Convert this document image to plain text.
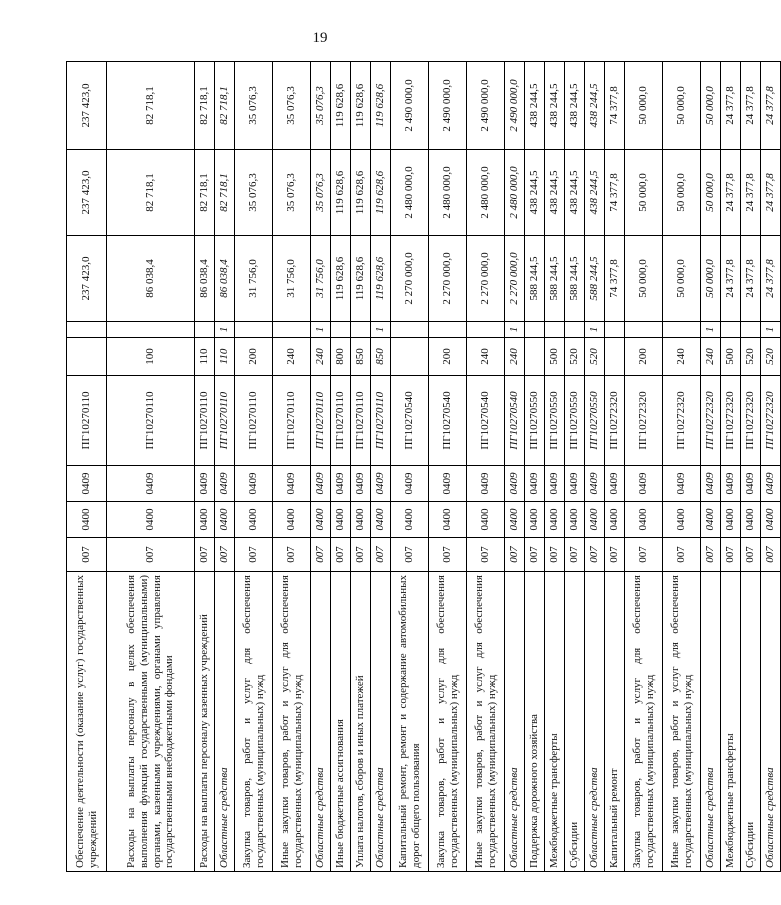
19
Обеспечение деятельности (оказание услуг) государственных учреждений	007	0400	0409	ПГ10270110			237 423,0	237 423,0	237 423,0
Расходы на выплаты персоналу в целях обеспечения выполнения функций государственными (муниципальными) органами, казенными учреждениями, органами управления государственными внебюджетными фондами	007	0400	0409	ПГ10270110	100		86 038,4	82 718,1	82 718,1
Расходы на выплаты персоналу казенных учреждений	007	0400	0409	ПГ10270110	110		86 038,4	82 718,1	82 718,1
Областные средства	007	0400	0409	ПГ10270110	110	1	86 038,4	82 718,1	82 718,1
Закупка товаров, работ и услуг для обеспечения государственных (муниципальных) нужд	007	0400	0409	ПГ10270110	200		31 756,0	35 076,3	35 076,3
Иные закупки товаров, работ и услуг для обеспечения государственных (муниципальных) нужд	007	0400	0409	ПГ10270110	240		31 756,0	35 076,3	35 076,3
Областные средства	007	0400	0409	ПГ10270110	240	1	31 756,0	35 076,3	35 076,3
Иные бюджетные ассигнования	007	0400	0409	ПГ10270110	800		119 628,6	119 628,6	119 628,6
Уплата налогов, сборов и иных платежей	007	0400	0409	ПГ10270110	850		119 628,6	119 628,6	119 628,6
Областные средства	007	0400	0409	ПГ10270110	850	1	119 628,6	119 628,6	119 628,6
Капитальный ремонт, ремонт и содержание автомобильных дорог общего пользования	007	0400	0409	ПГ10270540			2 270 000,0	2 480 000,0	2 490 000,0
Закупка товаров, работ и услуг для обеспечения государственных (муниципальных) нужд	007	0400	0409	ПГ10270540	200		2 270 000,0	2 480 000,0	2 490 000,0
Иные закупки товаров, работ и услуг для обеспечения государственных (муниципальных) нужд	007	0400	0409	ПГ10270540	240		2 270 000,0	2 480 000,0	2 490 000,0
Областные средства	007	0400	0409	ПГ10270540	240	1	2 270 000,0	2 480 000,0	2 490 000,0
Поддержка дорожного хозяйства	007	0400	0409	ПГ10270550			588 244,5	438 244,5	438 244,5
Межбюджетные трансферты	007	0400	0409	ПГ10270550	500		588 244,5	438 244,5	438 244,5
Субсидии	007	0400	0409	ПГ10270550	520		588 244,5	438 244,5	438 244,5
Областные средства	007	0400	0409	ПГ10270550	520	1	588 244,5	438 244,5	438 244,5
Капитальный ремонт	007	0400	0409	ПГ10272320			74 377,8	74 377,8	74 377,8
Закупка товаров, работ и услуг для обеспечения государственных (муниципальных) нужд	007	0400	0409	ПГ10272320	200		50 000,0	50 000,0	50 000,0
Иные закупки товаров, работ и услуг для обеспечения государственных (муниципальных) нужд	007	0400	0409	ПГ10272320	240		50 000,0	50 000,0	50 000,0
Областные средства	007	0400	0409	ПГ10272320	240	1	50 000,0	50 000,0	50 000,0
Межбюджетные трансферты	007	0400	0409	ПГ10272320	500		24 377,8	24 377,8	24 377,8
Субсидии	007	0400	0409	ПГ10272320	520		24 377,8	24 377,8	24 377,8
Областные средства	007	0400	0409	ПГ10272320	520	1	24 377,8	24 377,8	24 377,8
